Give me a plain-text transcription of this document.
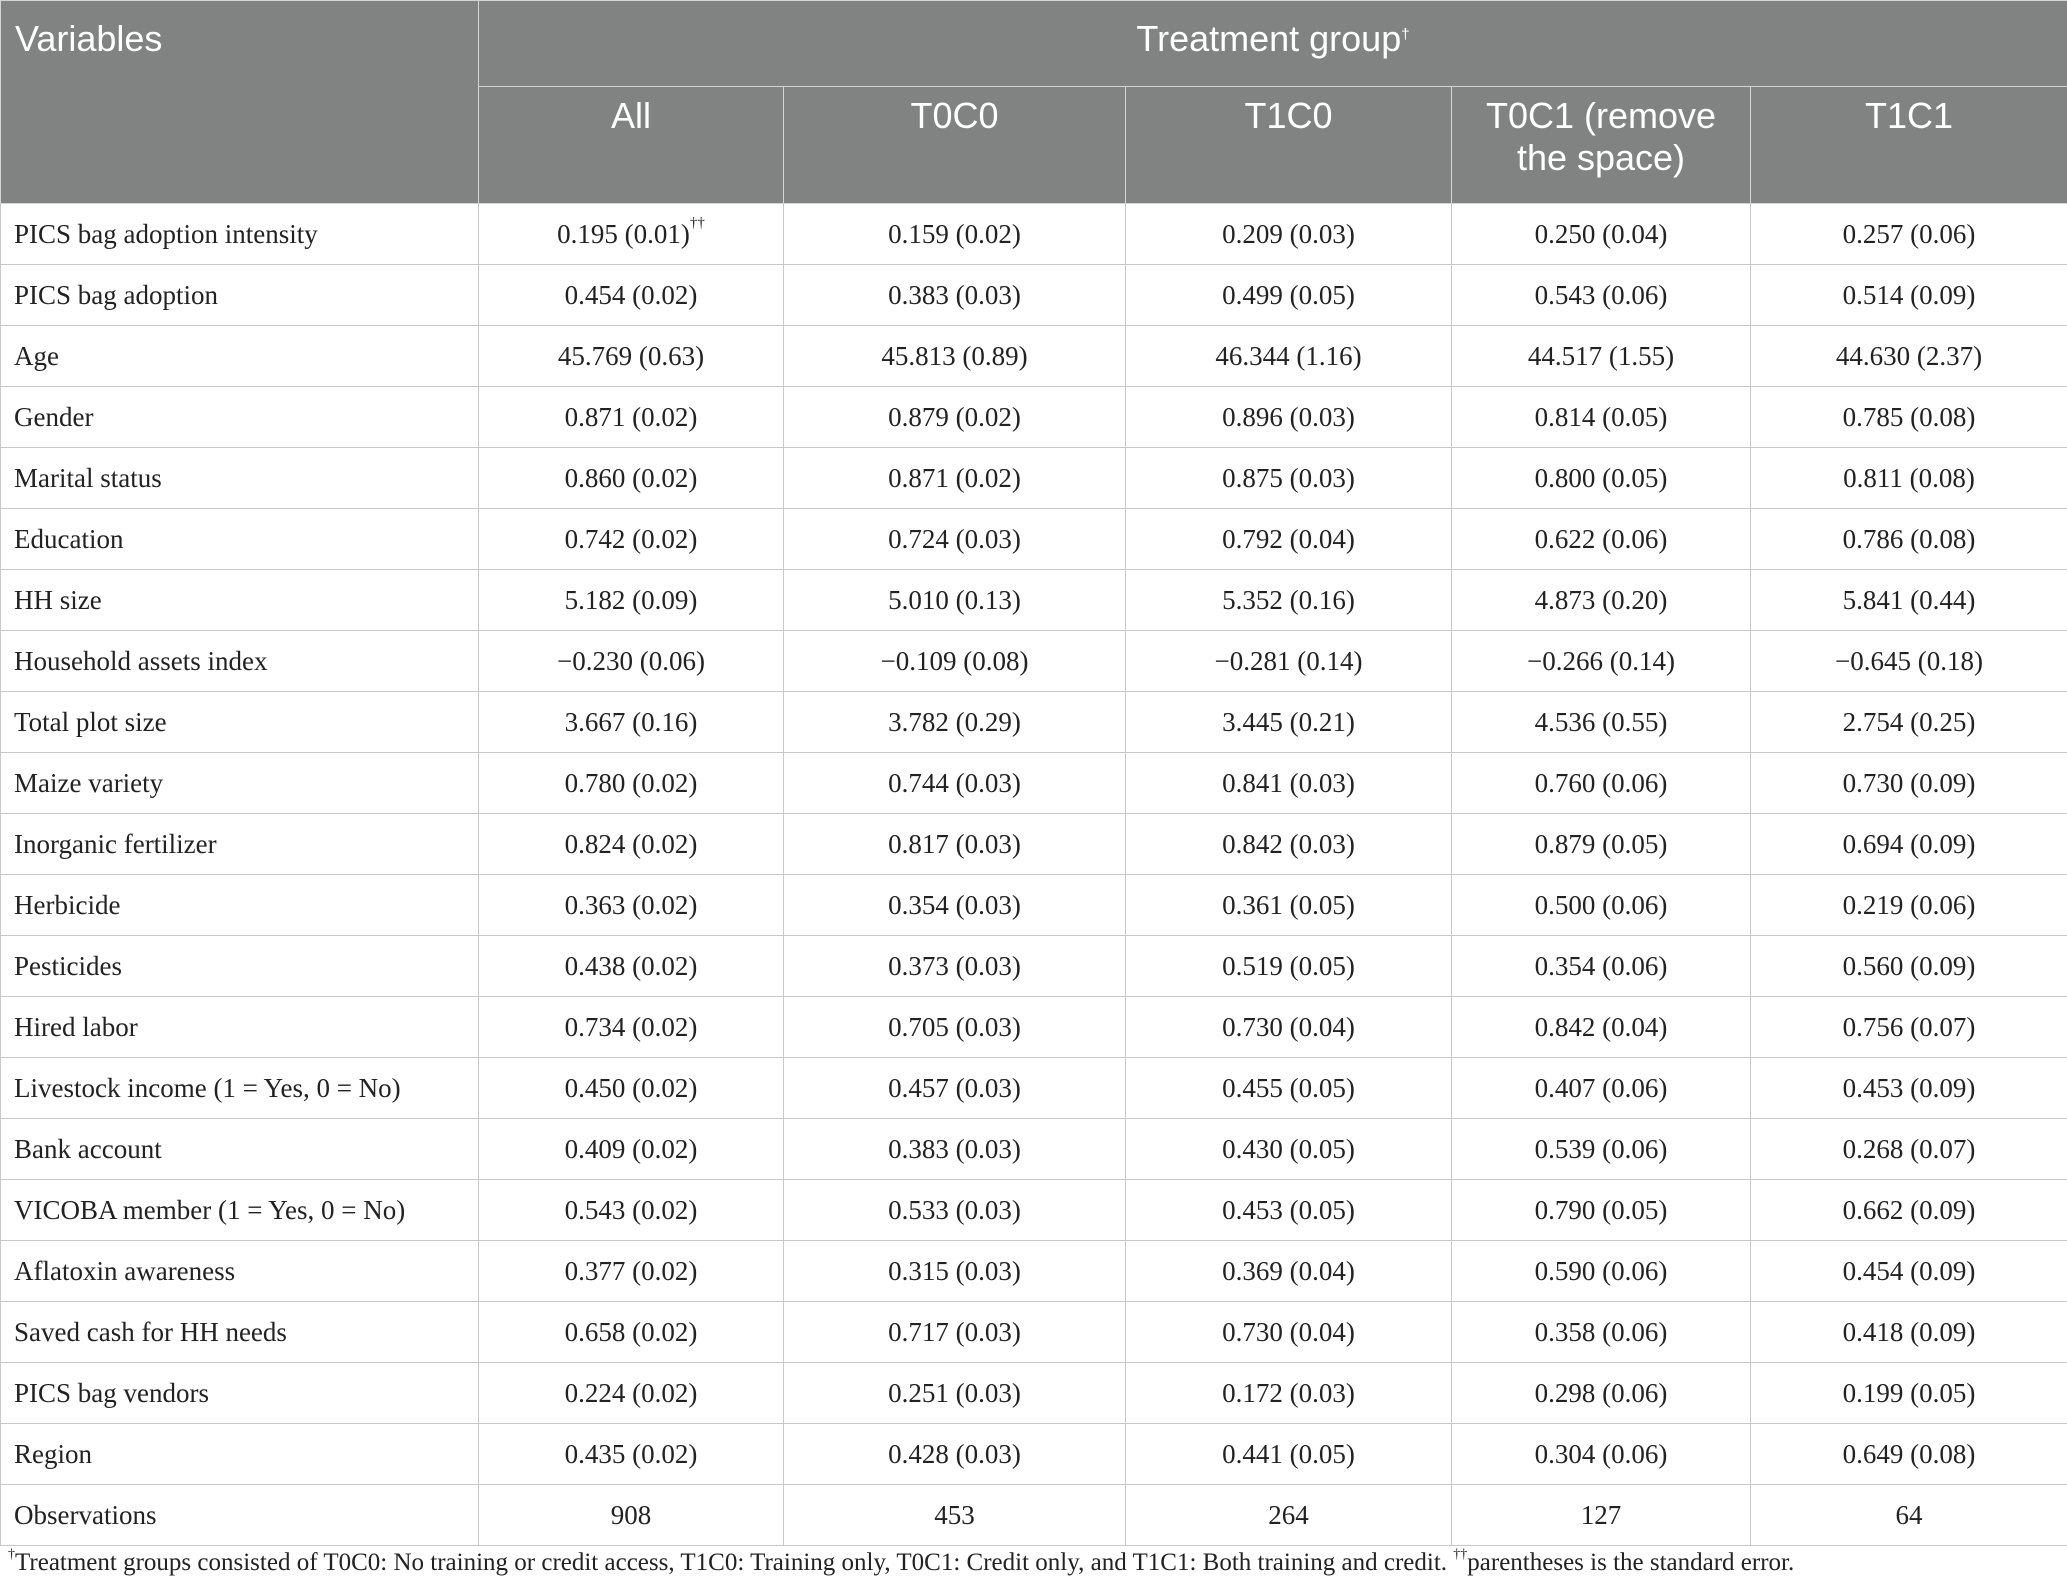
Variables	Treatment group†
	All	T0C0	T1C0	T0C1 (remove the space)	T1C1
PICS bag adoption intensity	0.195 (0.01)††	0.159 (0.02)	0.209 (0.03)	0.250 (0.04)	0.257 (0.06)
PICS bag adoption	0.454 (0.02)	0.383 (0.03)	0.499 (0.05)	0.543 (0.06)	0.514 (0.09)
Age	45.769 (0.63)	45.813 (0.89)	46.344 (1.16)	44.517 (1.55)	44.630 (2.37)
Gender	0.871 (0.02)	0.879 (0.02)	0.896 (0.03)	0.814 (0.05)	0.785 (0.08)
Marital status	0.860 (0.02)	0.871 (0.02)	0.875 (0.03)	0.800 (0.05)	0.811 (0.08)
Education	0.742 (0.02)	0.724 (0.03)	0.792 (0.04)	0.622 (0.06)	0.786 (0.08)
HH size	5.182 (0.09)	5.010 (0.13)	5.352 (0.16)	4.873 (0.20)	5.841 (0.44)
Household assets index	−0.230 (0.06)	−0.109 (0.08)	−0.281 (0.14)	−0.266 (0.14)	−0.645 (0.18)
Total plot size	3.667 (0.16)	3.782 (0.29)	3.445 (0.21)	4.536 (0.55)	2.754 (0.25)
Maize variety	0.780 (0.02)	0.744 (0.03)	0.841 (0.03)	0.760 (0.06)	0.730 (0.09)
Inorganic fertilizer	0.824 (0.02)	0.817 (0.03)	0.842 (0.03)	0.879 (0.05)	0.694 (0.09)
Herbicide	0.363 (0.02)	0.354 (0.03)	0.361 (0.05)	0.500 (0.06)	0.219 (0.06)
Pesticides	0.438 (0.02)	0.373 (0.03)	0.519 (0.05)	0.354 (0.06)	0.560 (0.09)
Hired labor	0.734 (0.02)	0.705 (0.03)	0.730 (0.04)	0.842 (0.04)	0.756 (0.07)
Livestock income (1 = Yes, 0 = No)	0.450 (0.02)	0.457 (0.03)	0.455 (0.05)	0.407 (0.06)	0.453 (0.09)
Bank account	0.409 (0.02)	0.383 (0.03)	0.430 (0.05)	0.539 (0.06)	0.268 (0.07)
VICOBA member (1 = Yes, 0 = No)	0.543 (0.02)	0.533 (0.03)	0.453 (0.05)	0.790 (0.05)	0.662 (0.09)
Aflatoxin awareness	0.377 (0.02)	0.315 (0.03)	0.369 (0.04)	0.590 (0.06)	0.454 (0.09)
Saved cash for HH needs	0.658 (0.02)	0.717 (0.03)	0.730 (0.04)	0.358 (0.06)	0.418 (0.09)
PICS bag vendors	0.224 (0.02)	0.251 (0.03)	0.172 (0.03)	0.298 (0.06)	0.199 (0.05)
Region	0.435 (0.02)	0.428 (0.03)	0.441 (0.05)	0.304 (0.06)	0.649 (0.08)
Observations	908	453	264	127	64
†Treatment groups consisted of T0C0: No training or credit access, T1C0: Training only, T0C1: Credit only, and T1C1: Both training and credit. ††parentheses is the standard error.
